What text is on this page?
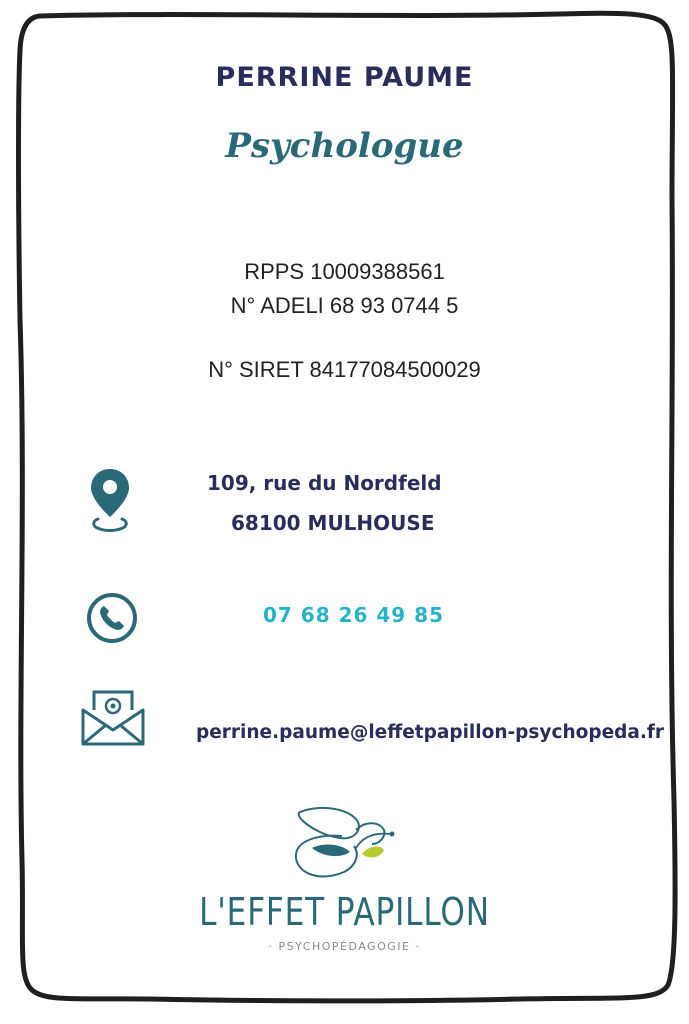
PERRINE PAUME
Psychologue
RPPS 10009388561
N° ADELI 68 93 0744 5
N° SIRET 84177084500029
109, rue du Nordfeld
68100 MULHOUSE
07 68 26 49 85
perrine.paume@leffetpapillon-psychopeda.fr
L'EFFET PAPILLON
· PSYCHOPÉDAGOGIE ·
